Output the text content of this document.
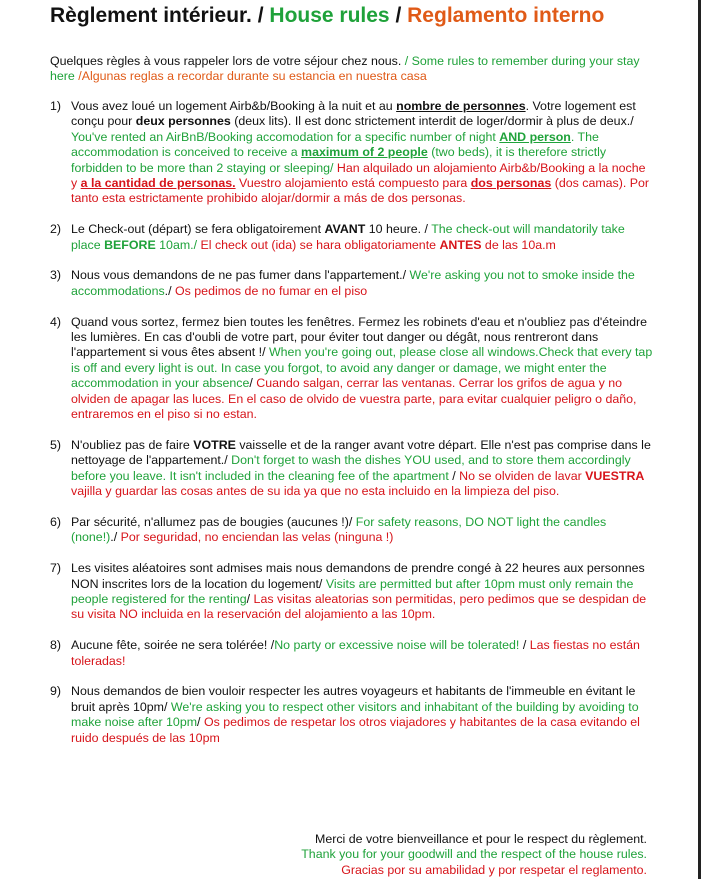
Règlement intérieur. / House rules / Reglamento interno

Quelques règles à vous rappeler lors de votre séjour chez nous. / Some rules to remember during your stay here /Algunas reglas a recordar durante su estancia en nuestra casa

1) Vous avez loué un logement Airb&b/Booking à la nuit et au nombre de personnes. Votre logement est conçu pour deux personnes (deux lits). Il est donc strictement interdit de loger/dormir à plus de deux./ You've rented an AirBnB/Booking accomodation for a specific number of night AND person. The accommodation is conceived to receive a maximum of 2 people (two beds), it is therefore strictly forbidden to be more than 2 staying or sleeping/ Han alquilado un alojamiento Airb&b/Booking a la noche y a la cantidad de personas. Vuestro alojamiento está compuesto para dos personas (dos camas). Por tanto esta estrictamente prohibido alojar/dormir a más de dos personas.
2) Le Check-out (départ) se fera obligatoirement AVANT 10 heure. / The check-out will mandatorily take place BEFORE 10am./ El check out (ida) se hara obligatoriamente ANTES de las 10a.m
3) Nous vous demandons de ne pas fumer dans l'appartement./ We're asking you not to smoke inside the accommodations./ Os pedimos de no fumar en el piso
4) Quand vous sortez, fermez bien toutes les fenêtres. Fermez les robinets d'eau et n'oubliez pas d'éteindre les lumières. En cas d'oubli de votre part, pour éviter tout danger ou dégât, nous rentreront dans l'appartement si vous êtes absent !/ When you're going out, please close all windows.Check that every tap is off and every light is out. In case you forgot, to avoid any danger or damage, we might enter the accommodation in your absence/ Cuando salgan, cerrar las ventanas. Cerrar los grifos de agua y no olviden de apagar las luces. En el caso de olvido de vuestra parte, para evitar cualquier peligro o daño, entraremos en el piso si no estan.
5) N'oubliez pas de faire VOTRE vaisselle et de la ranger avant votre départ. Elle n'est pas comprise dans le nettoyage de l'appartement./ Don't forget to wash the dishes YOU used, and to store them accordingly before you leave. It isn't included in the cleaning fee of the apartment / No se olviden de lavar VUESTRA vajilla y guardar las cosas antes de su ida ya que no esta incluido en la limpieza del piso.
6) Par sécurité, n'allumez pas de bougies (aucunes !)/ For safety reasons, DO NOT light the candles (none!)./ Por seguridad, no enciendan las velas (ninguna !)
7) Les visites aléatoires sont admises mais nous demandons de prendre congé à 22 heures aux personnes NON inscrites lors de la location du logement/ Visits are permitted but after 10pm must only remain the people registered for the renting/ Las visitas aleatorias son permitidas, pero pedimos que se despidan de su visita NO incluida en la reservación del alojamiento a las 10pm.
8) Aucune fête, soirée ne sera tolérée! /No party or excessive noise will be tolerated! / Las fiestas no están toleradas!
9) Nous demandos de bien vouloir respecter les autres voyageurs et habitants de l'immeuble en évitant le bruit après 10pm/ We're asking you to respect other visitors and inhabitant of the building by avoiding to make noise after 10pm/ Os pedimos de respetar los otros viajadores y habitantes de la casa evitando el ruido después de las 10pm
Merci de votre bienveillance et pour le respect du règlement.
Thank you for your goodwill and the respect of the house rules.
Gracias por su amabilidad y por respetar el reglamento.
